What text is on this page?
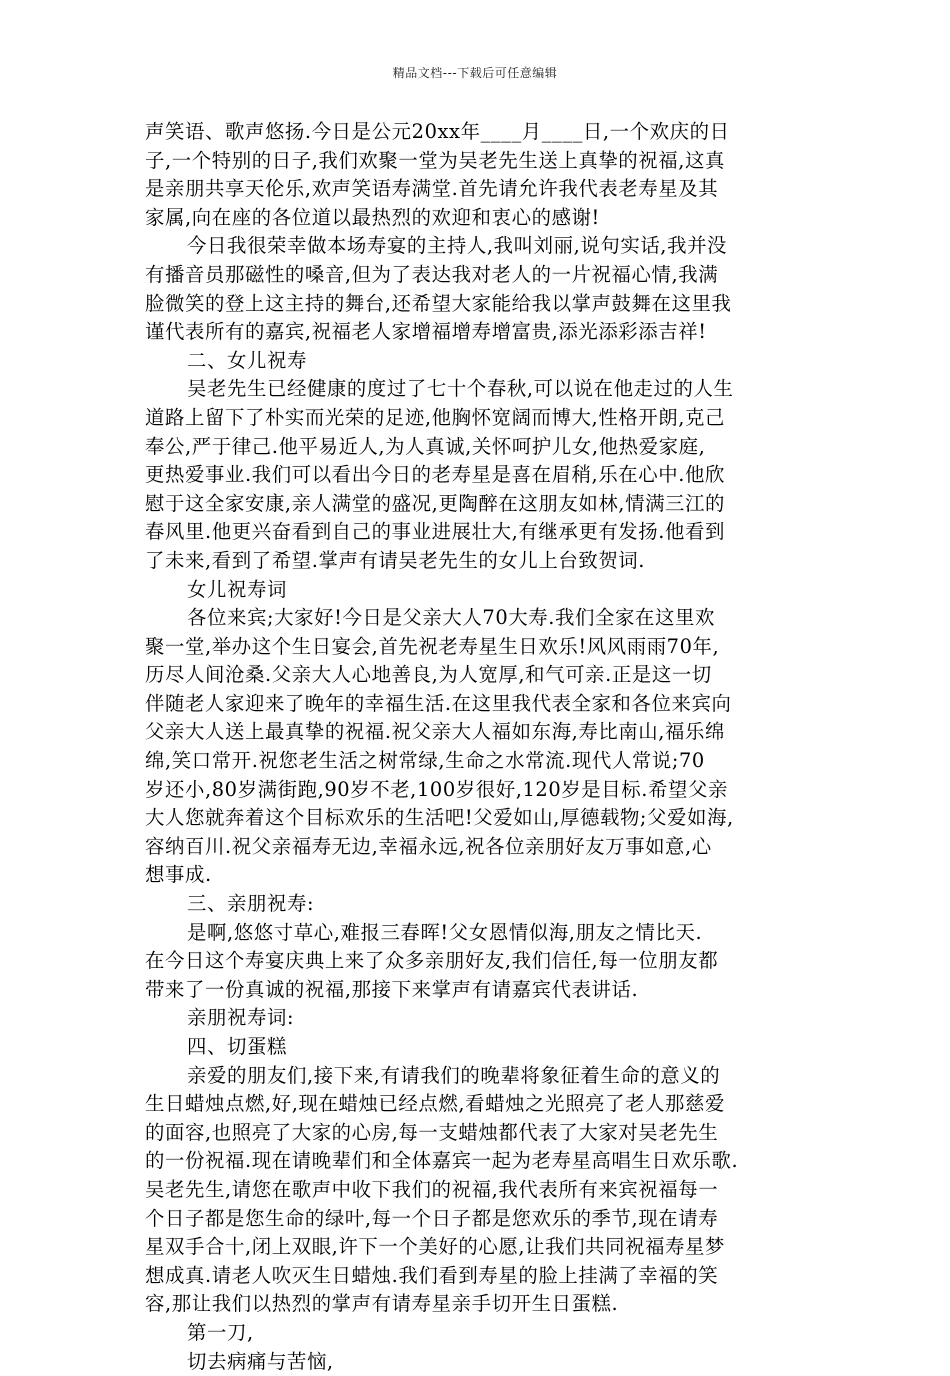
精品文档---下载后可任意编辑

声笑语、歌声悠扬.今日是公元20xx年____月____日,一个欢庆的日

子,一个特别的日子,我们欢聚一堂为吴老先生送上真挚的祝福,这真

是亲朋共享天伦乐,欢声笑语寿满堂.首先请允许我代表老寿星及其

家属,向在座的各位道以最热烈的欢迎和衷心的感谢!

今日我很荣幸做本场寿宴的主持人,我叫刘丽,说句实话,我并没

有播音员那磁性的嗓音,但为了表达我对老人的一片祝福心情,我满

脸微笑的登上这主持的舞台,还希望大家能给我以掌声鼓舞在这里我

谨代表所有的嘉宾,祝福老人家增福增寿增富贵,添光添彩添吉祥!

二、女儿祝寿

吴老先生已经健康的度过了七十个春秋,可以说在他走过的人生

道路上留下了朴实而光荣的足迹,他胸怀宽阔而博大,性格开朗,克己

奉公,严于律己.他平易近人,为人真诚,关怀呵护儿女,他热爱家庭,

更热爱事业.我们可以看出今日的老寿星是喜在眉稍,乐在心中.他欣

慰于这全家安康,亲人满堂的盛况,更陶醉在这朋友如林,情满三江的

春风里.他更兴奋看到自己的事业进展壮大,有继承更有发扬.他看到

了未来,看到了希望.掌声有请吴老先生的女儿上台致贺词.

女儿祝寿词

各位来宾;大家好!今日是父亲大人70大寿.我们全家在这里欢

聚一堂,举办这个生日宴会,首先祝老寿星生日欢乐!风风雨雨70年,

历尽人间沧桑.父亲大人心地善良,为人宽厚,和气可亲.正是这一切

伴随老人家迎来了晚年的幸福生活.在这里我代表全家和各位来宾向

父亲大人送上最真挚的祝福.祝父亲大人福如东海,寿比南山,福乐绵

绵,笑口常开.祝您老生活之树常绿,生命之水常流.现代人常说;70

岁还小,80岁满街跑,90岁不老,100岁很好,120岁是目标.希望父亲

大人您就奔着这个目标欢乐的生活吧!父爱如山,厚德载物;父爱如海,

容纳百川.祝父亲福寿无边,幸福永远,祝各位亲朋好友万事如意,心

想事成.

三、亲朋祝寿:

是啊,悠悠寸草心,难报三春晖!父女恩情似海,朋友之情比天.

在今日这个寿宴庆典上来了众多亲朋好友,我们信任,每一位朋友都

带来了一份真诚的祝福,那接下来掌声有请嘉宾代表讲话.

亲朋祝寿词:

四、切蛋糕

亲爱的朋友们,接下来,有请我们的晚辈将象征着生命的意义的

生日蜡烛点燃,好,现在蜡烛已经点燃,看蜡烛之光照亮了老人那慈爱

的面容,也照亮了大家的心房,每一支蜡烛都代表了大家对吴老先生

的一份祝福.现在请晚辈们和全体嘉宾一起为老寿星高唱生日欢乐歌.

吴老先生,请您在歌声中收下我们的祝福,我代表所有来宾祝福每一

个日子都是您生命的绿叶,每一个日子都是您欢乐的季节,现在请寿

星双手合十,闭上双眼,许下一个美好的心愿,让我们共同祝福寿星梦

想成真.请老人吹灭生日蜡烛.我们看到寿星的脸上挂满了幸福的笑

容,那让我们以热烈的掌声有请寿星亲手切开生日蛋糕.

第一刀,

切去病痛与苦恼,
